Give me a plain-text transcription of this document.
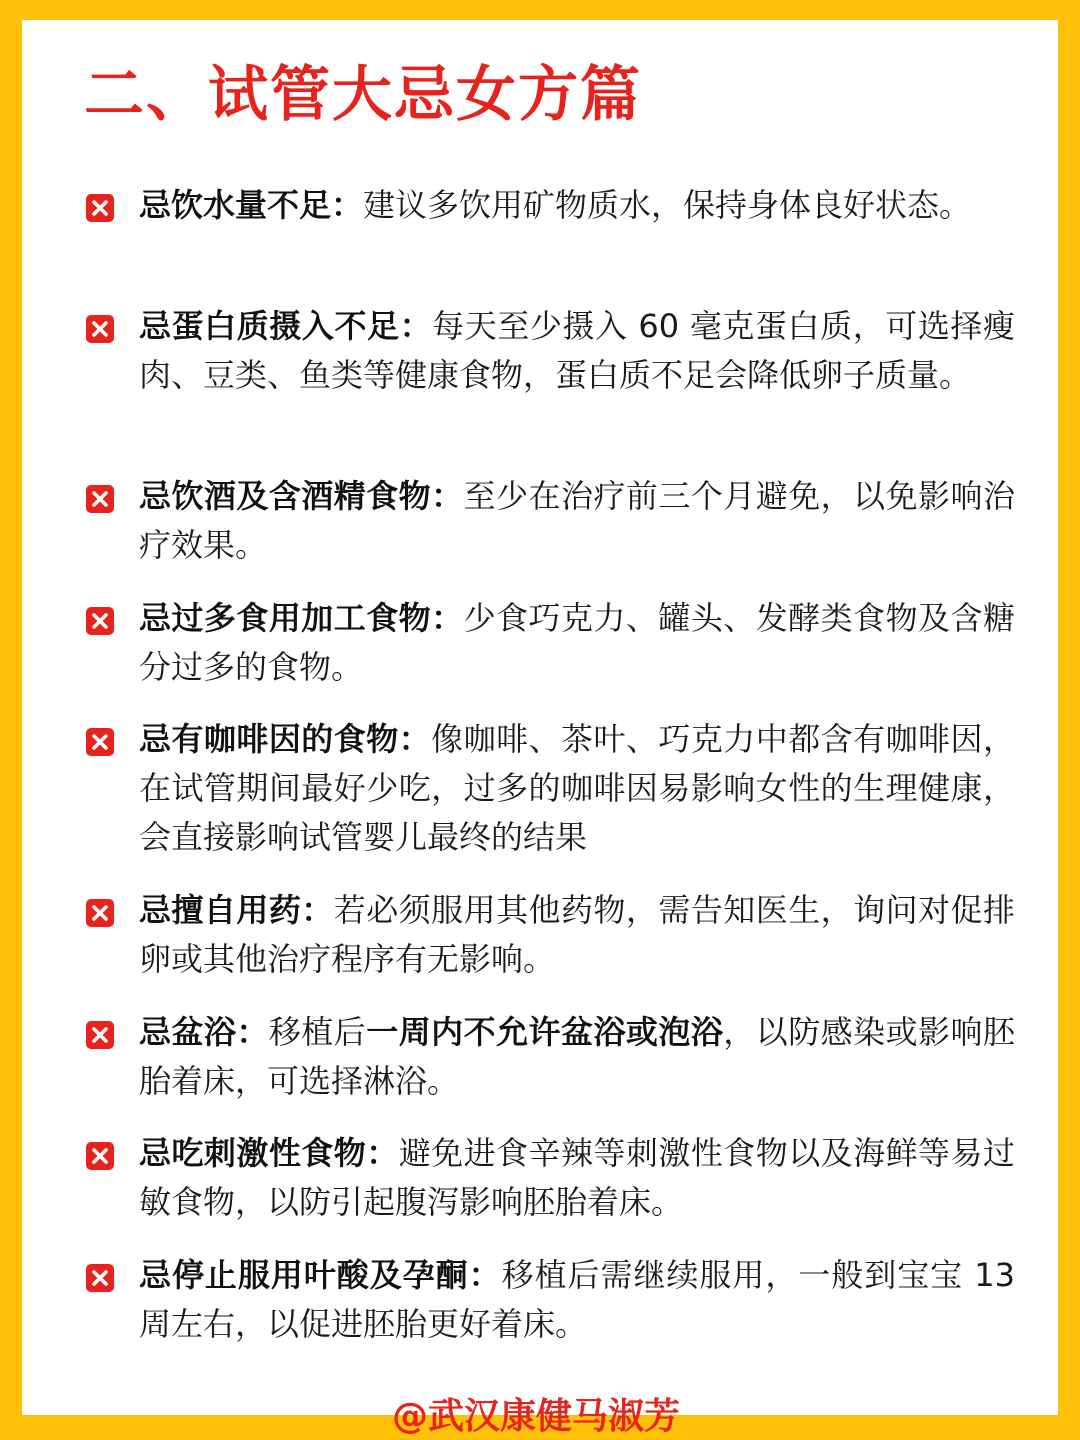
二、试管大忌女方篇
忌饮水量不足：建议多饮用矿物质水，保持身体良好状态。
忌蛋白质摄入不足：每天至少摄入 60 毫克蛋白质，可选择瘦肉、豆类、鱼类等健康食物，蛋白质不足会降低卵子质量。
忌饮酒及含酒精食物：至少在治疗前三个月避免，以免影响治疗效果。
忌过多食用加工食物：少食巧克力、罐头、发酵类食物及含糖分过多的食物。
忌有咖啡因的食物：像咖啡、茶叶、巧克力中都含有咖啡因，在试管期间最好少吃，过多的咖啡因易影响女性的生理健康，会直接影响试管婴儿最终的结果
忌擅自用药：若必须服用其他药物，需告知医生，询问对促排卵或其他治疗程序有无影响。
忌盆浴：移植后一周内不允许盆浴或泡浴，以防感染或影响胚胎着床，可选择淋浴。
忌吃刺激性食物：避免进食辛辣等刺激性食物以及海鲜等易过敏食物，以防引起腹泻影响胚胎着床。
忌停止服用叶酸及孕酮：移植后需继续服用，一般到宝宝 13 周左右，以促进胚胎更好着床。
@武汉康健马淑芳
